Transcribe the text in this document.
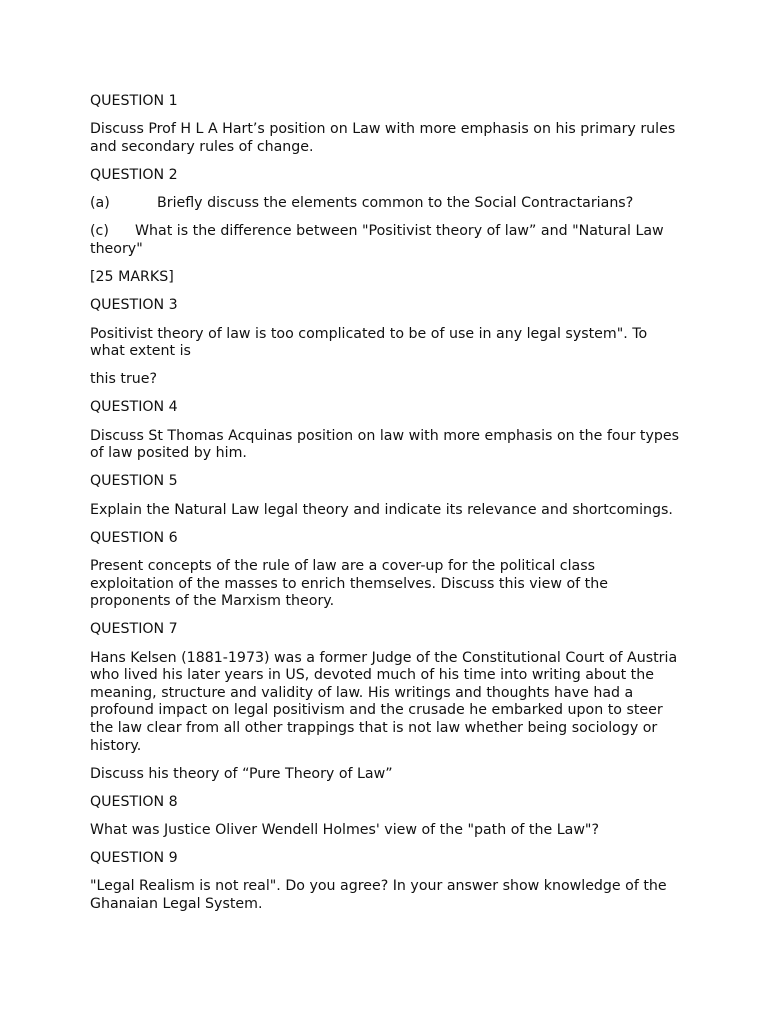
QUESTION 1

Discuss Prof H L A Hart’s position on Law with more emphasis on his primary rules and secondary rules of change.

QUESTION 2

(a)	Briefly discuss the elements common to the Social Contractarians?

(c) What is the difference between "Positivist theory of law” and "Natural Law theory"

[25 MARKS]

QUESTION 3

Positivist theory of law is too complicated to be of use in any legal system". To what extent is

this true?

QUESTION 4

Discuss St Thomas Acquinas position on law with more emphasis on the four types of law posited by him.

QUESTION 5

Explain the Natural Law legal theory and indicate its relevance and shortcomings.

QUESTION 6

Present concepts of the rule of law are a cover-up for the political class exploitation of the masses to enrich themselves. Discuss this view of the proponents of the Marxism theory.

QUESTION 7

Hans Kelsen (1881-1973) was a former Judge of the Constitutional Court of Austria who lived his later years in US, devoted much of his time into writing about the meaning, structure and validity of law. His writings and thoughts have had a profound impact on legal positivism and the crusade he embarked upon to steer the law clear from all other trappings that is not law whether being sociology or history.

Discuss his theory of “Pure Theory of Law”

QUESTION 8

What was Justice Oliver Wendell Holmes' view of the "path of the Law"?

QUESTION 9

"Legal Realism is not real". Do you agree? In your answer show knowledge of the Ghanaian Legal System.
